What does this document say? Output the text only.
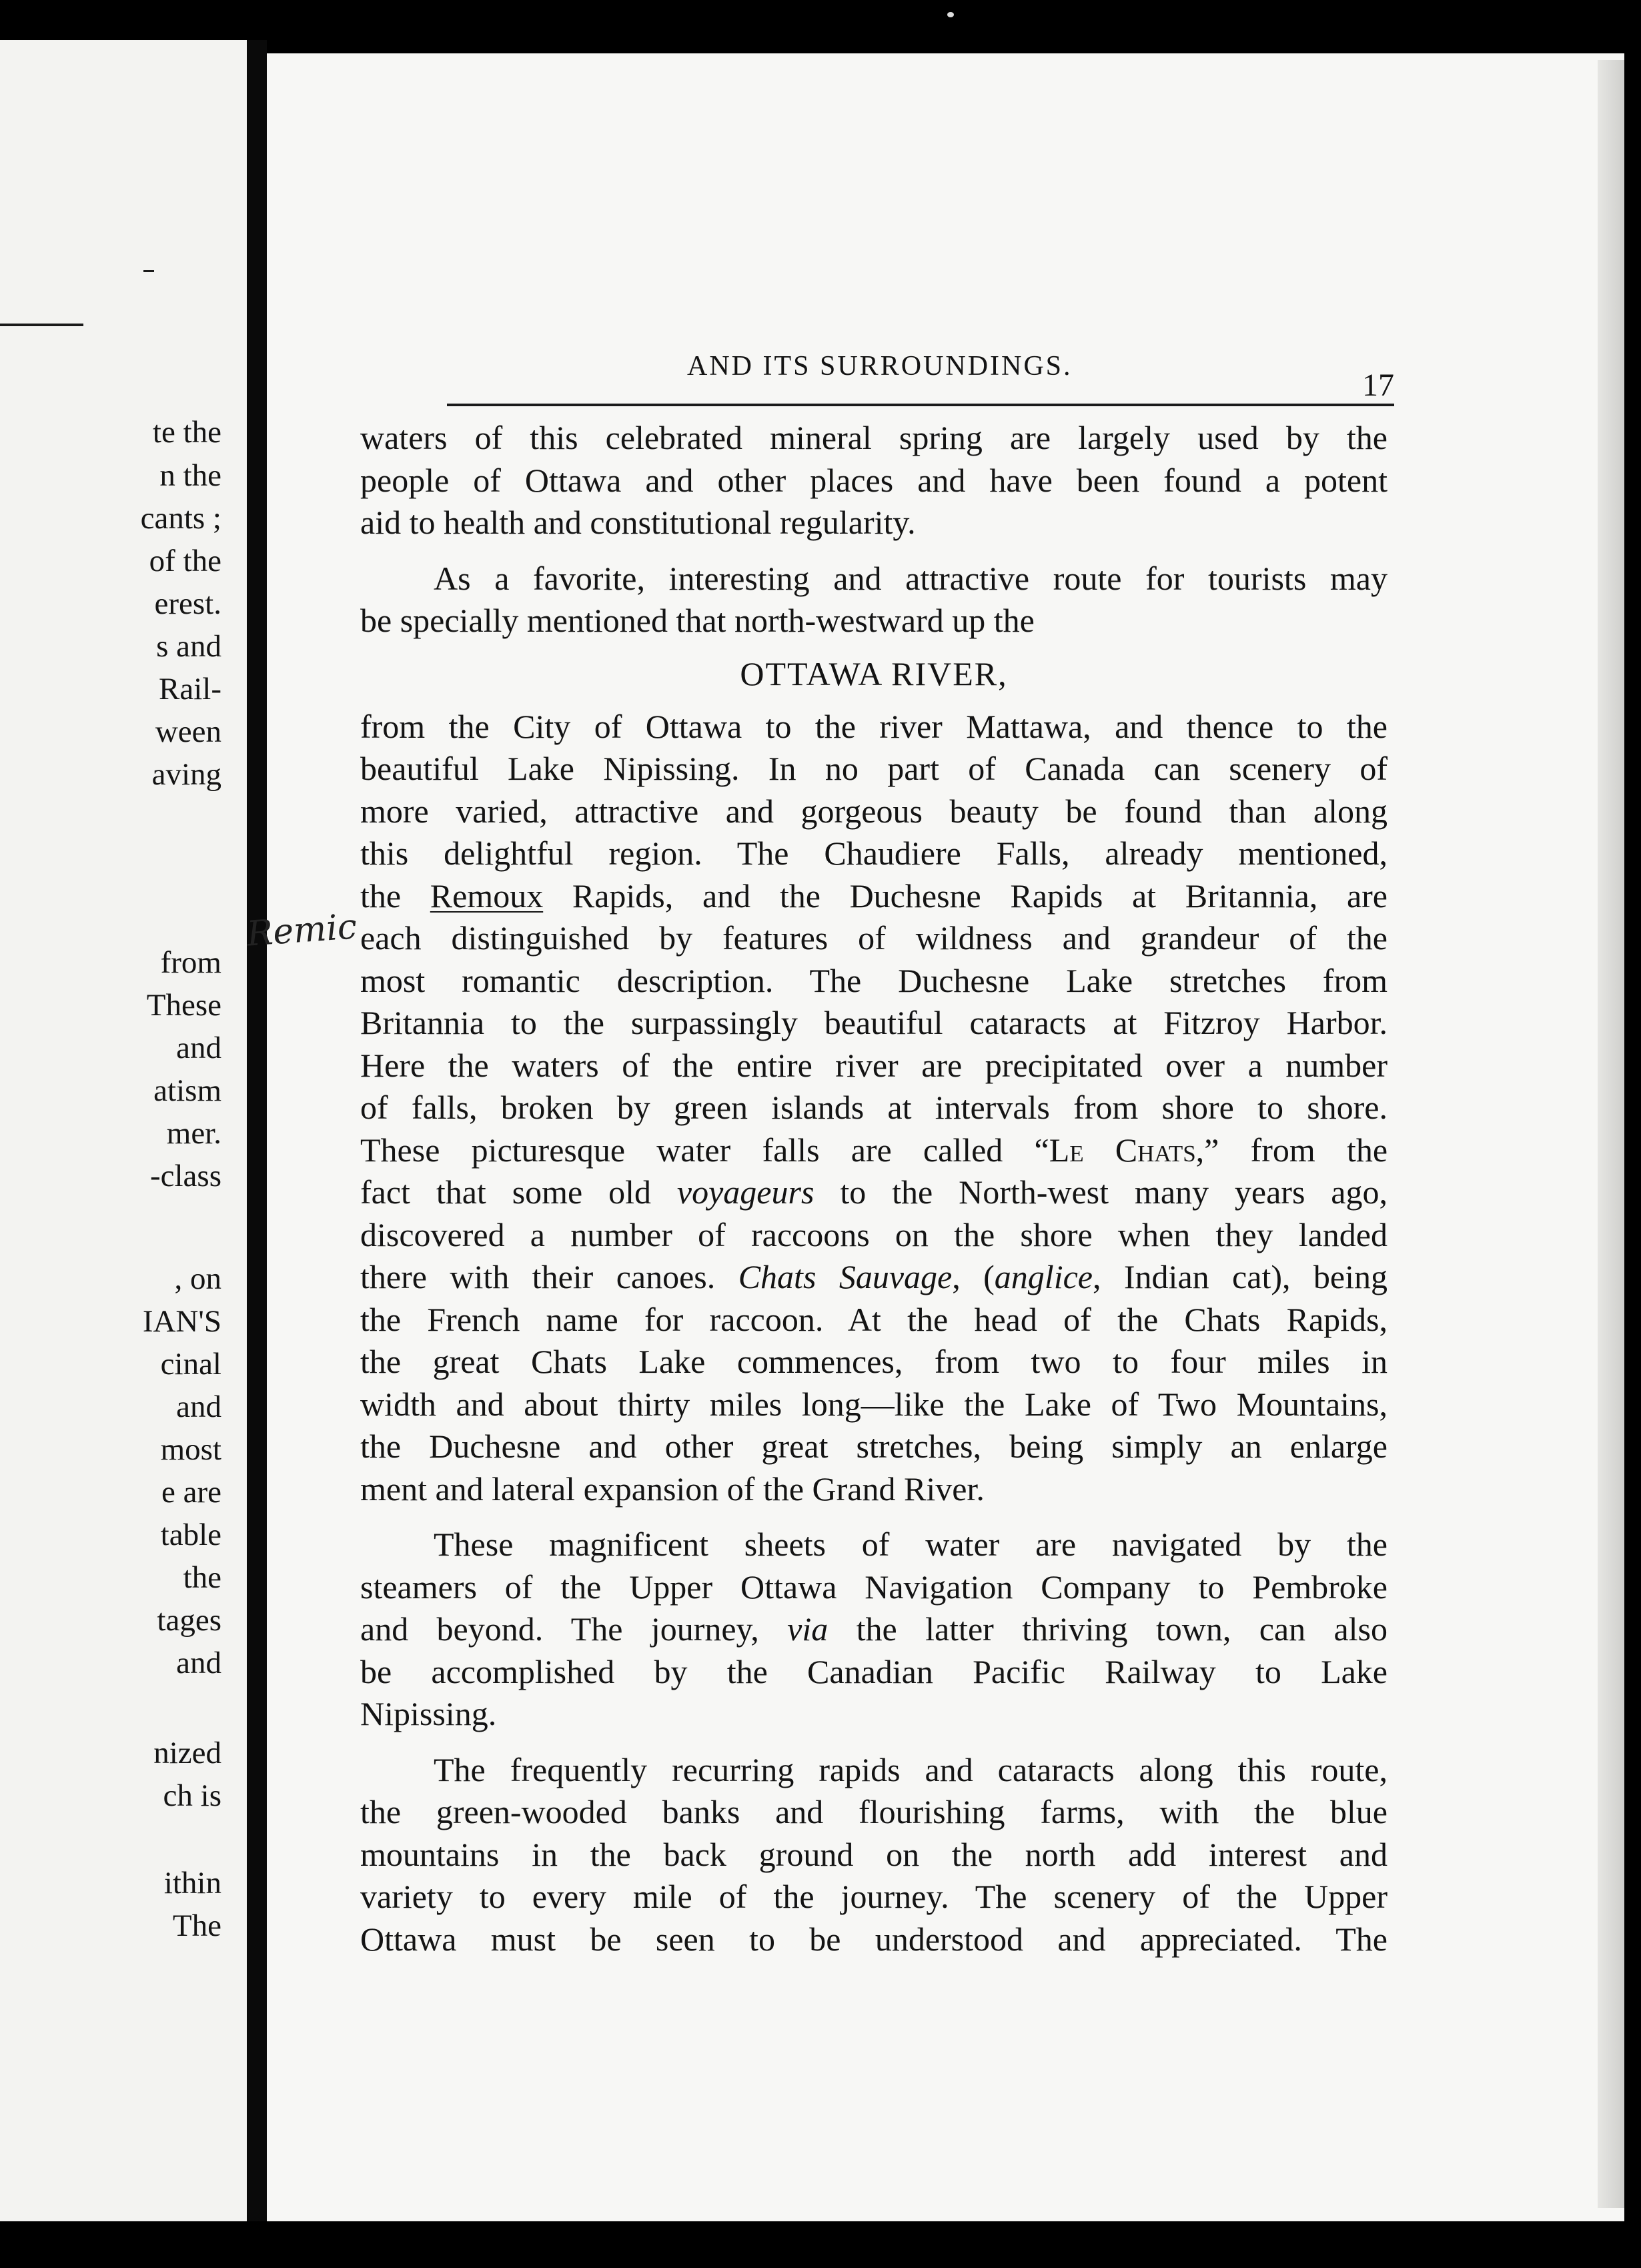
te the
n the
cants ;
of the
erest.
s and
Rail-
ween
aving
from
These
and
atism
mer.
-class
, on
IAN'S
cinal
and
most
e are
table
the
tages
and
nized
ch is
ithin
The
AND ITS SURROUNDINGS.
17
Remic
waters of this celebrated mineral spring are largely used by the
people of Ottawa and other places and have been found a potent
aid to health and constitutional regularity.
As a favorite, interesting and attractive route for tourists may
be specially mentioned that north-westward up the
OTTAWA RIVER,
from the City of Ottawa to the river Mattawa, and thence to the
beautiful Lake Nipissing. In no part of Canada can scenery of
more varied, attractive and gorgeous beauty be found than along
this delightful region. The Chaudiere Falls, already mentioned,
the Remoux Rapids, and the Duchesne Rapids at Britannia, are
each distinguished by features of wildness and grandeur of the
most romantic description. The Duchesne Lake stretches from
Britannia to the surpassingly beautiful cataracts at Fitzroy Harbor.
Here the waters of the entire river are precipitated over a number
of falls, broken by green islands at intervals from shore to shore.
These picturesque water falls are called “Le Chats,” from the
fact that some old voyageurs to the North-west many years ago,
discovered a number of raccoons on the shore when they landed
there with their canoes. Chats Sauvage, (anglice, Indian cat), being
the French name for raccoon. At the head of the Chats Rapids,
the great Chats Lake commences, from two to four miles in
width and about thirty miles long—like the Lake of Two Mountains,
the Duchesne and other great stretches, being simply an enlarge
ment and lateral expansion of the Grand River.
These magnificent sheets of water are navigated by the
steamers of the Upper Ottawa Navigation Company to Pembroke
and beyond. The journey, via the latter thriving town, can also
be accomplished by the Canadian Pacific Railway to Lake
Nipissing.
The frequently recurring rapids and cataracts along this route,
the green-wooded banks and flourishing farms, with the blue
mountains in the back ground on the north add interest and
variety to every mile of the journey. The scenery of the Upper
Ottawa must be seen to be understood and appreciated. The
